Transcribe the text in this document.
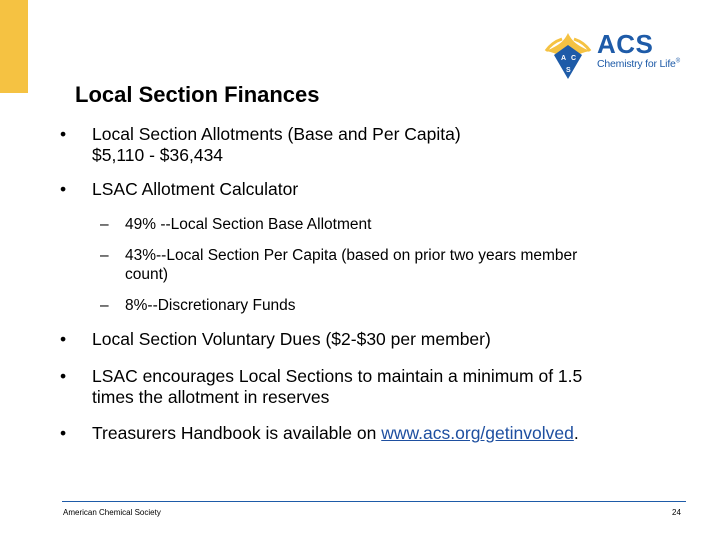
A C
S
ACS
Chemistry for Life®
Local Section Finances

• Local Section Allotments (Base and Per Capita)
$5,110 - $36,434

• LSAC Allotment Calculator

– 49% --Local Section Base Allotment

– 43%--Local Section Per Capita (based on prior two years member
count)

– 8%--Discretionary Funds

• Local Section Voluntary Dues ($2-$30 per member)

• LSAC encourages Local Sections to maintain a minimum of 1.5
times the allotment in reserves

• Treasurers Handbook is available on www.acs.org/getinvolved.

American Chemical Society	24
